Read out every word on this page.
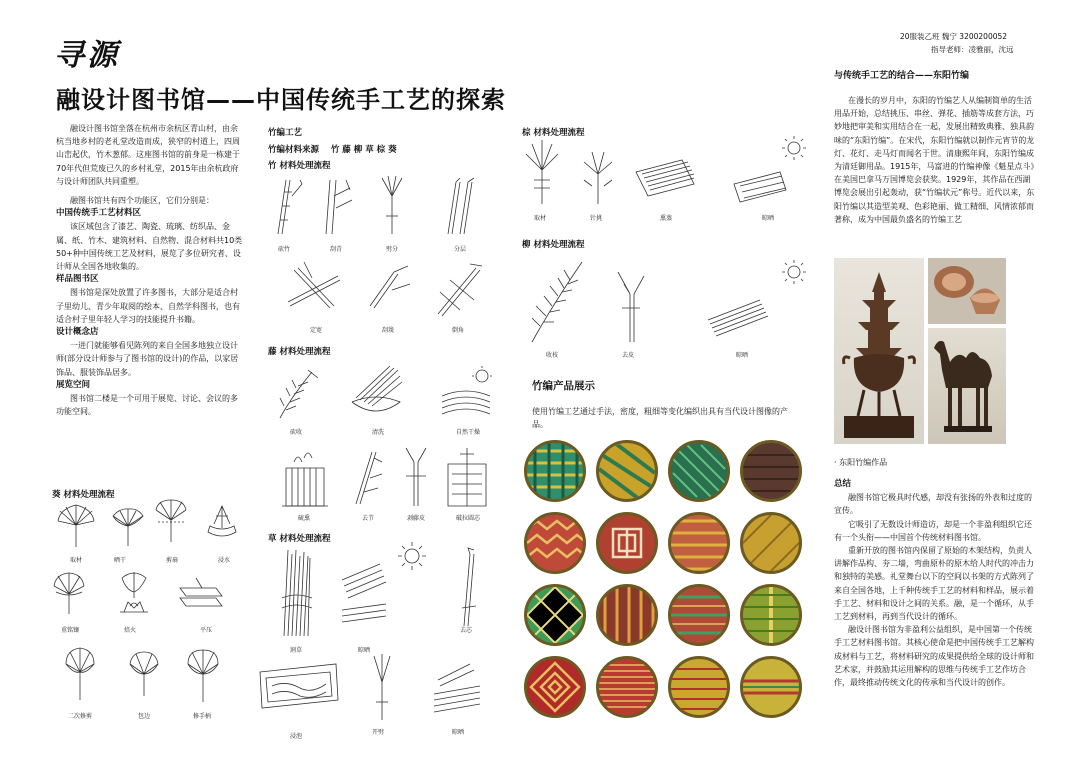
20服装乙班 魏宁 3200200052
指导老师：凌雅丽，沈远
寻源
融设计图书馆——中国传统手工艺的探索
融设计图书馆坐落在杭州市余杭区青山村，由余杭当地乡村的老礼堂改造而成，狭窄的村道上，四周山峦起伏，竹木葱郁。这座图书馆的前身是一栋建于70年代但荒废已久的乡村礼堂，2015年由余杭政府与设计师团队共同重塑。
融图书馆共有四个功能区，它们分别是：
中国传统手工艺材料区
该区域包含了漆艺、陶瓷、琉璃、纺织品、金属、纸、竹木、建筑材料、自然物、混合材料共10类50+种中国传统工艺及材料，展览了多位研究者、设计师从全国各地收集的。
样品图书区
图书馆是深处放置了许多图书，大部分是适合村子里幼儿、青少年取阅的绘本、自然学科图书，也有适合村子里年轻人学习的技能提升书籍。
设计概念店
一进门就能够看见陈列的来自全国多地独立设计师(部分设计师参与了图书馆的设计)的作品，以家居饰品、服装饰品居多。
展览空间
图书馆二楼是一个可用于展览、讨论、会议的多功能空间。
葵 材料处理流程
取材	晒干	剪扇	浸水
重铭镶	焙火	平压
二次修剪	包边	修手柄
竹编工艺
竹编材料来源    竹 藤 柳 草 棕 葵
竹 材料处理流程
砍竹	刮青	劈分	分层
定宽	刮篾	倒角
藤 材料处理流程
砍收	清洗	自然干燥
硫熏	去节	剥藤皮	破拉圆芯
草 材料处理流程
割草	晾晒
去芯
浸泡
开劈	晾晒
棕 材料处理流程
取材	针挑	熏蒸	晾晒
柳 材料处理流程
收枝	去皮	晾晒
竹编产品展示
使用竹编工艺通过手法，密度，粗细等变化编织出具有当代设计图像的产品。
与传统手工艺的结合——东阳竹编
在漫长的岁月中，东阳的竹编艺人从编制简单的生活用品开始，总结挑压、串丝、弹花、插筋等成套方法，巧妙地把审美和实用结合在一起，发展出精致典雅、独具韵味的“东阳竹编”。在宋代，东阳竹编就以制作元宵节的龙灯、花灯、走马灯而闻名于世。清康熙年间，东阳竹编成为清廷御用品。1915年，马富进的竹编神像《魁星点斗》在美国巴拿马万国博览会获奖。1929年，其作品在西湖博览会展出引起轰动，获“竹编状元”称号。近代以来，东阳竹编以其造型美观、色彩艳丽、做工精细、风情浓郁而著称，成为中国最负盛名的竹编工艺
· 东阳竹编作品
总结
融图书馆它极具时代感，却没有张扬的外表和过度的宣传。
它吸引了无数设计师造访，却是一个非盈利组织它还有一个头衔——中国首个传统材料图书馆。
重新开放的图书馆内保留了原始的木架结构，负责人讲解作品构、夯二墙，弯曲原朴的原木给人时代的冲击力和独特的美感。礼堂舞台以下的空间以书架的方式陈列了来自全国各地，上千种传统手工艺的材料和样品，展示着手工艺、材料和设计之间的关系。融，是一个循环，从手工艺到材料，再到当代设计的循环。
融设计图书馆为非盈利公益组织，是中国第一个传统手工艺材料图书馆。其核心使命是把中国传统手工艺解构成材料与工艺，将材料研究的成果提供给全球的设计师和艺术家，并鼓励其运用解构的思维与传统手工艺作坊合作，最终推动传统文化的传承和当代设计的创作。
